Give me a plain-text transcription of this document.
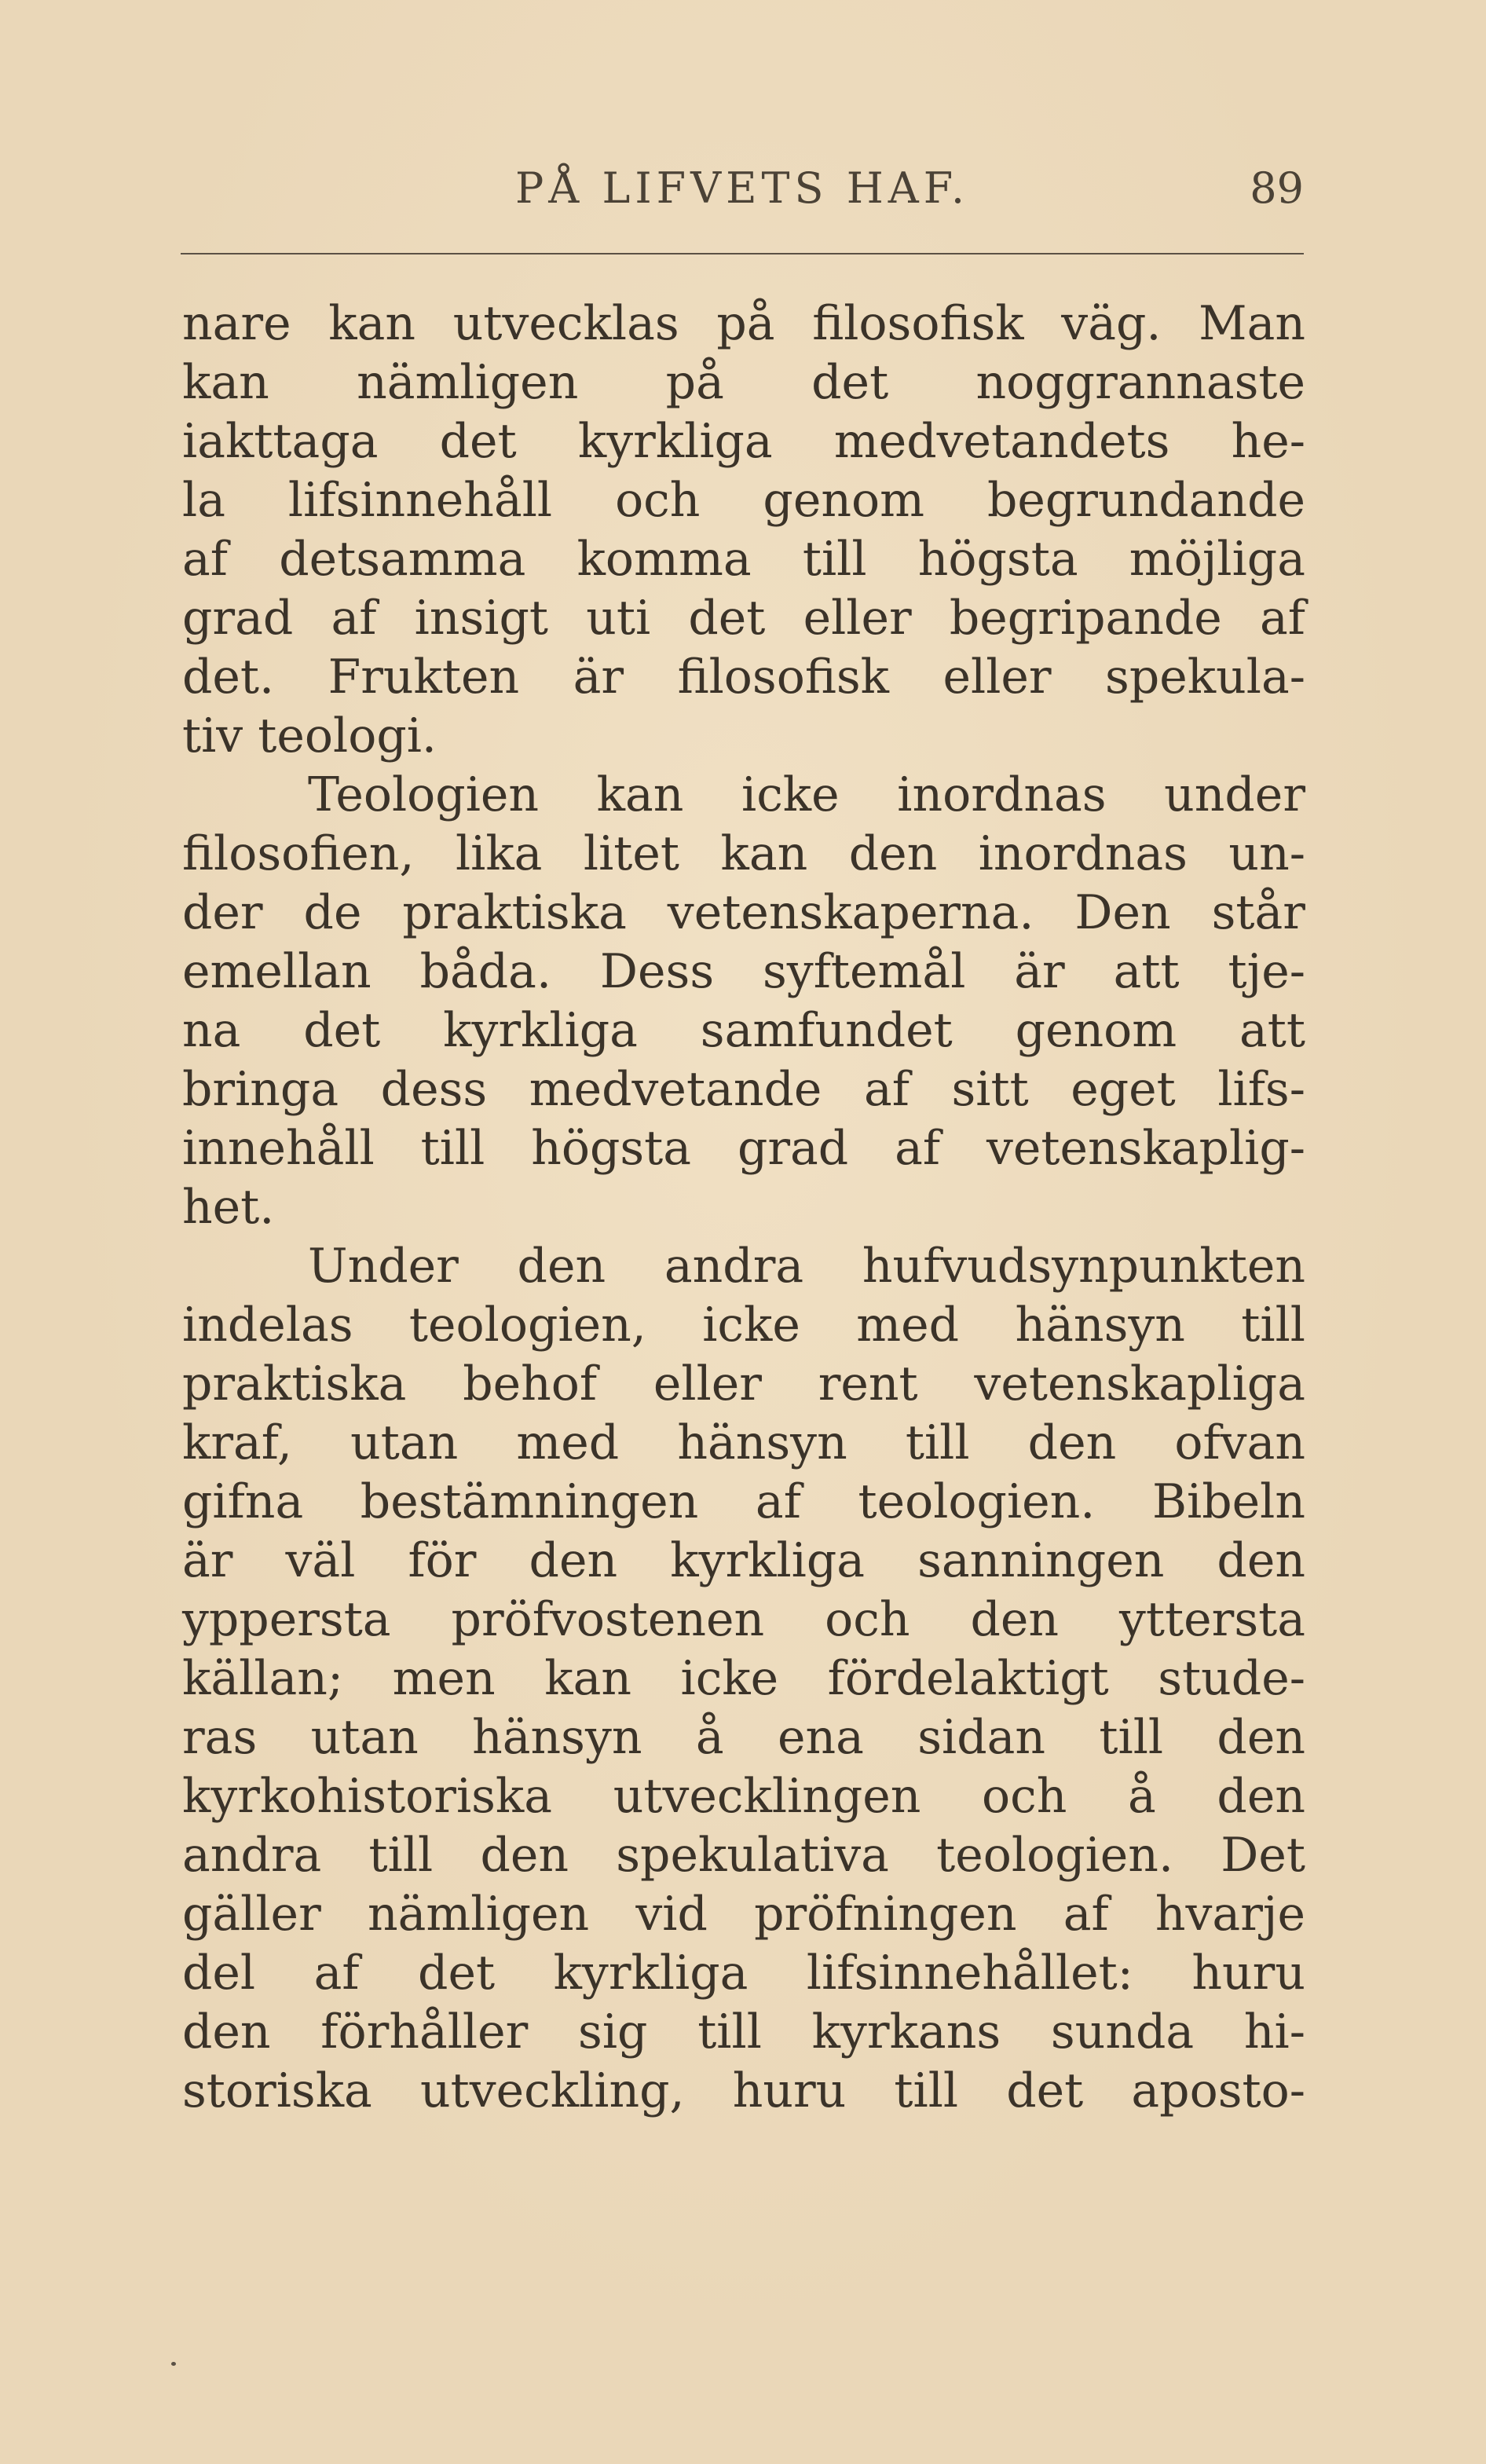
PÅ LIFVETS HAF.	89
nare kan utvecklas på filosofisk väg. Man
kan nämligen på det noggrannaste
iakttaga det kyrkliga medvetandets he-
la lifsinnehåll och genom begrundande
af detsamma komma till högsta möjliga
grad af insigt uti det eller begripande af
det. Frukten är filosofisk eller spekula-
tiv teologi.
Teologien kan icke inordnas under
filosofien, lika litet kan den inordnas un-
der de praktiska vetenskaperna. Den står
emellan båda. Dess syftemål är att tje-
na det kyrkliga samfundet genom att
bringa dess medvetande af sitt eget lifs-
innehåll till högsta grad af vetenskaplig-
het.
Under den andra hufvudsynpunkten
indelas teologien, icke med hänsyn till
praktiska behof eller rent vetenskapliga
kraf, utan med hänsyn till den ofvan
gifna bestämningen af teologien. Bibeln
är väl för den kyrkliga sanningen den
yppersta pröfvostenen och den yttersta
källan; men kan icke fördelaktigt stude-
ras utan hänsyn å ena sidan till den
kyrkohistoriska utvecklingen och å den
andra till den spekulativa teologien. Det
gäller nämligen vid pröfningen af hvarje
del af det kyrkliga lifsinnehållet: huru
den förhåller sig till kyrkans sunda hi-
storiska utveckling, huru till det aposto-
